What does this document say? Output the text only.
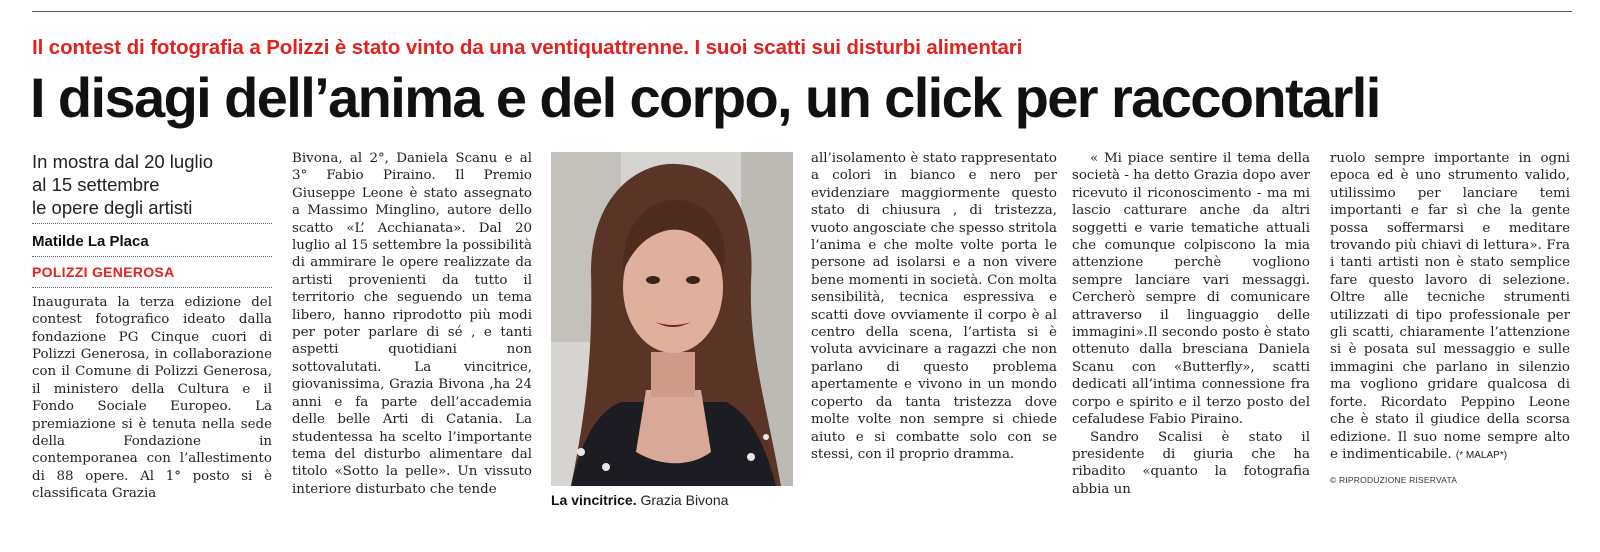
Il contest di fotografia a Polizzi è stato vinto da una ventiquattrenne. I suoi scatti sui disturbi alimentari
I disagi dell’anima e del corpo, un click per raccontarli
In mostra dal 20 luglio
al 15 settembre
le opere degli artisti
Matilde La Placa
POLIZZI GENEROSA

Inaugurata la terza edizione del contest fotografico ideato dalla fondazione PG Cinque cuori di Polizzi Generosa, in collaborazione con il Comune di Polizzi Generosa, il ministero della Cultura e il Fondo Sociale Europeo. La premiazione si è tenuta nella sede della Fondazione in contemporanea con l’allestimento di 88 opere. Al 1° posto si è classificata Grazia

Bivona, al 2°, Daniela Scanu e al 3° Fabio Piraino. Il Premio Giuseppe Leone è stato assegnato a Massimo Minglino, autore dello scatto «L’ Acchianata». Dal 20 luglio al 15 settembre la possibilità di ammirare le opere realizzate da artisti provenienti da tutto il territorio che seguendo un tema libero, hanno riprodotto più modi per poter parlare di sé , e tanti aspetti quotidiani non sottovalutati. La vincitrice, giovanissima, Grazia Bivona ,ha 24 anni e fa parte dell’accademia delle belle Arti di Catania. La studentessa ha scelto l’importante tema del disturbo alimentare dal titolo «Sotto la pelle». Un vissuto interiore disturbato che tende

La vincitrice. Grazia Bivona

all’isolamento è stato rappresentato a colori in bianco e nero per evidenziare maggiormente questo stato di chiusura , di tristezza, vuoto angosciate che spesso stritola l’anima e che molte volte porta le persone ad isolarsi e a non vivere bene momenti in società. Con molta sensibilità, tecnica espressiva e scatti dove ovviamente il corpo è al centro della scena, l’artista si è voluta avvicinare a ragazzi che non parlano di questo problema apertamente e vivono in un mondo coperto da tanta tristezza dove molte volte non sempre si chiede aiuto e si combatte solo con se stessi, con il proprio dramma.

« Mi piace sentire il tema della società - ha detto Grazia dopo aver ricevuto il riconoscimento - ma mi lascio catturare anche da altri soggetti e varie tematiche attuali che comunque colpiscono la mia attenzione perchè vogliono sempre lanciare vari messaggi. Cercherò sempre di comunicare attraverso il linguaggio delle immagini».Il secondo posto è stato ottenuto dalla bresciana Daniela Scanu con «Butterfly», scatti dedicati all’intima connessione fra corpo e spirito e il terzo posto del cefaludese Fabio Piraino.

Sandro Scalisi è stato il presidente di giuria che ha ribadito «quanto la fotografia abbia un

ruolo sempre importante in ogni epoca ed è uno strumento valido, utilissimo per lanciare temi importanti e far sì che la gente possa soffermarsi e meditare trovando più chiavi di lettura». Fra i tanti artisti non è stato semplice fare questo lavoro di selezione. Oltre alle tecniche strumenti utilizzati di tipo professionale per gli scatti, chiaramente l’attenzione si è posata sul messaggio e sulle immagini che parlano in silenzio ma vogliono gridare qualcosa di forte. Ricordato Peppino Leone che è stato il giudice della scorsa edizione. Il suo nome sempre alto e indimenticabile. (* MALAP*)

© RIPRODUZIONE RISERVATA
